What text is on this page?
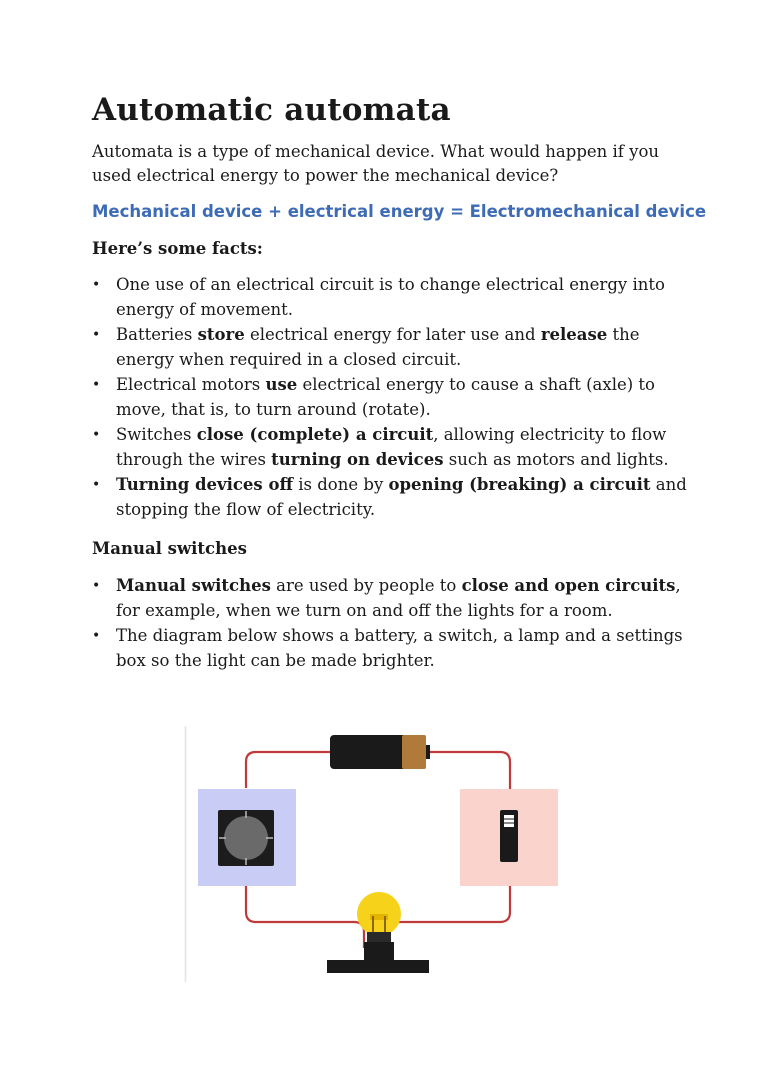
Automatic automata

Automata is a type of mechanical device. What would happen if you used electrical energy to power the mechanical device?

Mechanical device + electrical energy = Electromechanical device

Here’s some facts:

• One use of an electrical circuit is to change electrical energy into energy of movement.
• Batteries store electrical energy for later use and release the energy when required in a closed circuit.
• Electrical motors use electrical energy to cause a shaft (axle) to move, that is, to turn around (rotate).
• Switches close (complete) a circuit, allowing electricity to flow through the wires turning on devices such as motors and lights.
• Turning devices off is done by opening (breaking) a circuit and stopping the flow of electricity.

Manual switches

• Manual switches are used by people to close and open circuits, for example, when we turn on and off the lights for a room.
• The diagram below shows a battery, a switch, a lamp and a settings box so the light can be made brighter.
